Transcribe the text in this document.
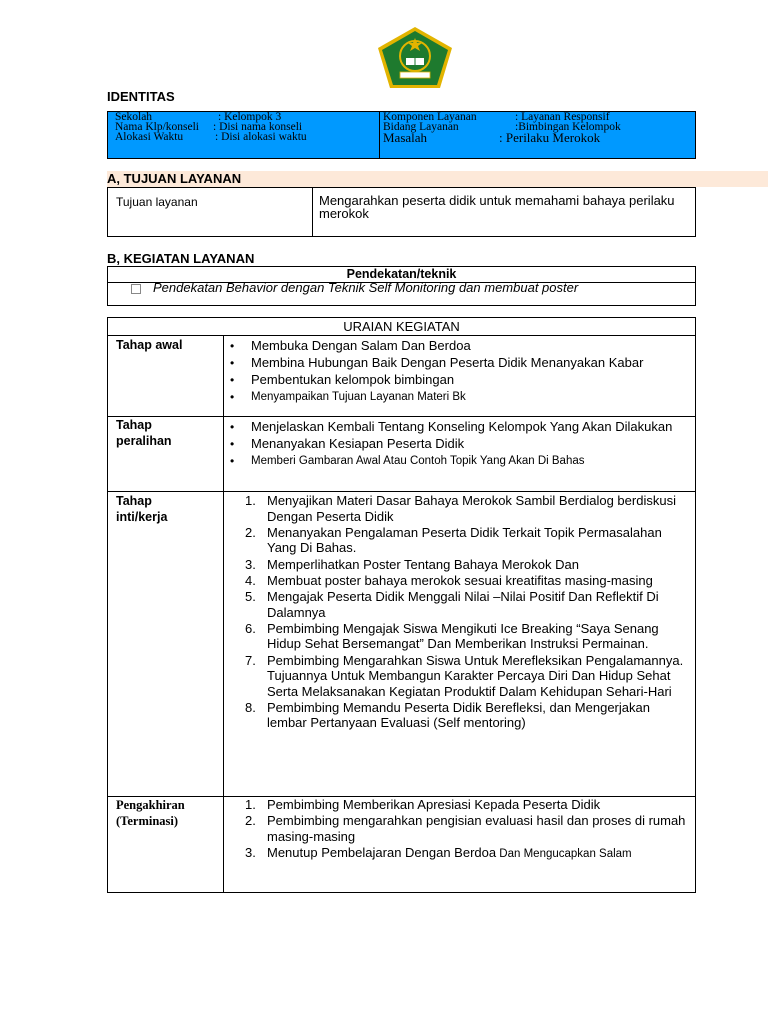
IDENTITAS
Sekolah	: Kelompok 3
Nama Klp/konseli : Disi nama konseli
Alokasi Waktu	: Disi alokasi waktu
Komponen Layanan	: Layanan Responsif
Bidang Layanan	:Bimbingan Kelompok
Masalah	: Perilaku Merokok
A, TUJUAN LAYANAN
Tujuan layanan	Mengarahkan peserta didik untuk memahami bahaya perilaku merokok
B, KEGIATAN LAYANAN
Pendekatan/teknik
Pendekatan Behavior dengan Teknik Self Monitoring dan membuat poster
URAIAN KEGIATAN
Tahap awal
•	Membuka Dengan Salam Dan Berdoa
• Membina Hubungan Baik Dengan Peserta Didik Menanyakan Kabar
• Pembentukan kelompok bimbingan
• Menyampaikan Tujuan Layanan Materi Bk
Tahap peralihan
• Menjelaskan Kembali Tentang Konseling Kelompok Yang Akan Dilakukan
• Menanyakan Kesiapan Peserta Didik
• Memberi Gambaran Awal Atau Contoh Topik Yang Akan Di Bahas
Tahap inti/kerja
1. Menyajikan Materi Dasar Bahaya Merokok Sambil Berdialog berdiskusi Dengan Peserta Didik
2. Menanyakan Pengalaman Peserta Didik Terkait Topik Permasalahan Yang Di Bahas.
3. Memperlihatkan Poster Tentang Bahaya Merokok Dan
4. Membuat poster bahaya merokok sesuai kreatifitas masing-masing
5. Mengajak Peserta Didik Menggali Nilai –Nilai Positif Dan Reflektif Di Dalamnya
6. Pembimbing Mengajak Siswa Mengikuti Ice Breaking “Saya Senang Hidup Sehat Bersemangat” Dan Memberikan Instruksi Permainan.
7. Pembimbing Mengarahkan Siswa Untuk Merefleksikan Pengalamannya. Tujuannya Untuk Membangun Karakter Percaya Diri Dan Hidup Sehat Serta Melaksanakan Kegiatan Produktif Dalam Kehidupan Sehari-Hari
8. Pembimbing Memandu Peserta Didik Berefleksi, dan Mengerjakan lembar Pertanyaan Evaluasi (Self mentoring)
Pengakhiran (Terminasi)
1. Pembimbing Memberikan Apresiasi Kepada Peserta Didik
2. Pembimbing mengarahkan pengisian evaluasi hasil dan proses di rumah masing-masing
3. Menutup Pembelajaran Dengan Berdoa Dan Mengucapkan Salam
